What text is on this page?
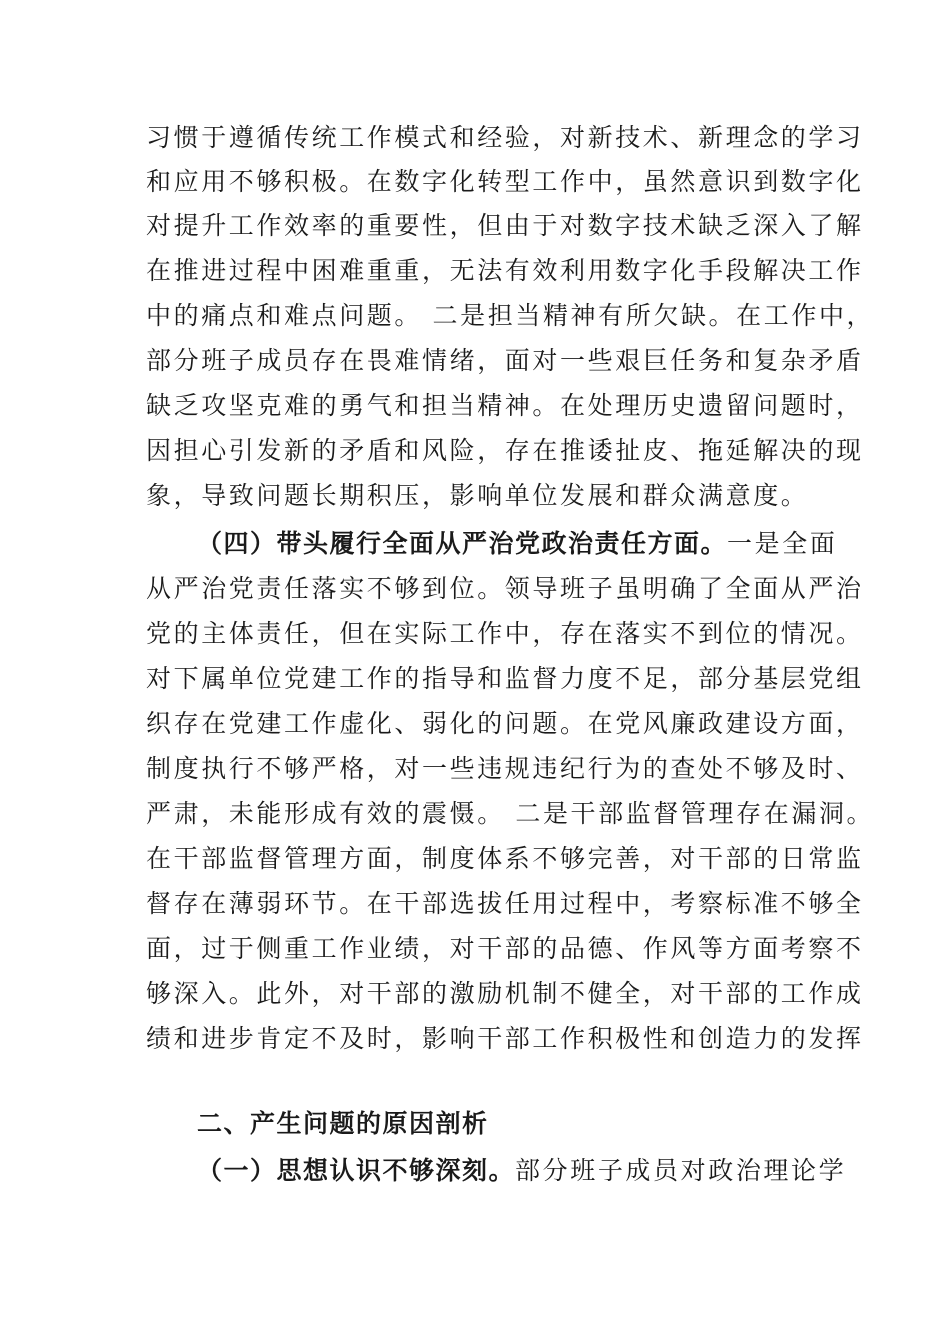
习惯于遵循传统工作模式和经验，对新技术、新理念的学习
和应用不够积极。在数字化转型工作中，虽然意识到数字化
对提升工作效率的重要性，但由于对数字技术缺乏深入了解
在推进过程中困难重重，无法有效利用数字化手段解决工作
中的痛点和难点问题。 二是担当精神有所欠缺。在工作中，
部分班子成员存在畏难情绪，面对一些艰巨任务和复杂矛盾
缺乏攻坚克难的勇气和担当精神。在处理历史遗留问题时，
因担心引发新的矛盾和风险，存在推诿扯皮、拖延解决的现
象，导致问题长期积压，影响单位发展和群众满意度。
（四）带头履行全面从严治党政治责任方面。一是全面
从严治党责任落实不够到位。领导班子虽明确了全面从严治
党的主体责任，但在实际工作中，存在落实不到位的情况。
对下属单位党建工作的指导和监督力度不足，部分基层党组
织存在党建工作虚化、弱化的问题。在党风廉政建设方面，
制度执行不够严格，对一些违规违纪行为的查处不够及时、
严肃，未能形成有效的震慑。 二是干部监督管理存在漏洞。
在干部监督管理方面，制度体系不够完善，对干部的日常监
督存在薄弱环节。在干部选拔任用过程中，考察标准不够全
面，过于侧重工作业绩，对干部的品德、作风等方面考察不
够深入。此外，对干部的激励机制不健全，对干部的工作成
绩和进步肯定不及时，影响干部工作积极性和创造力的发挥
二、产生问题的原因剖析
（一）思想认识不够深刻。部分班子成员对政治理论学
